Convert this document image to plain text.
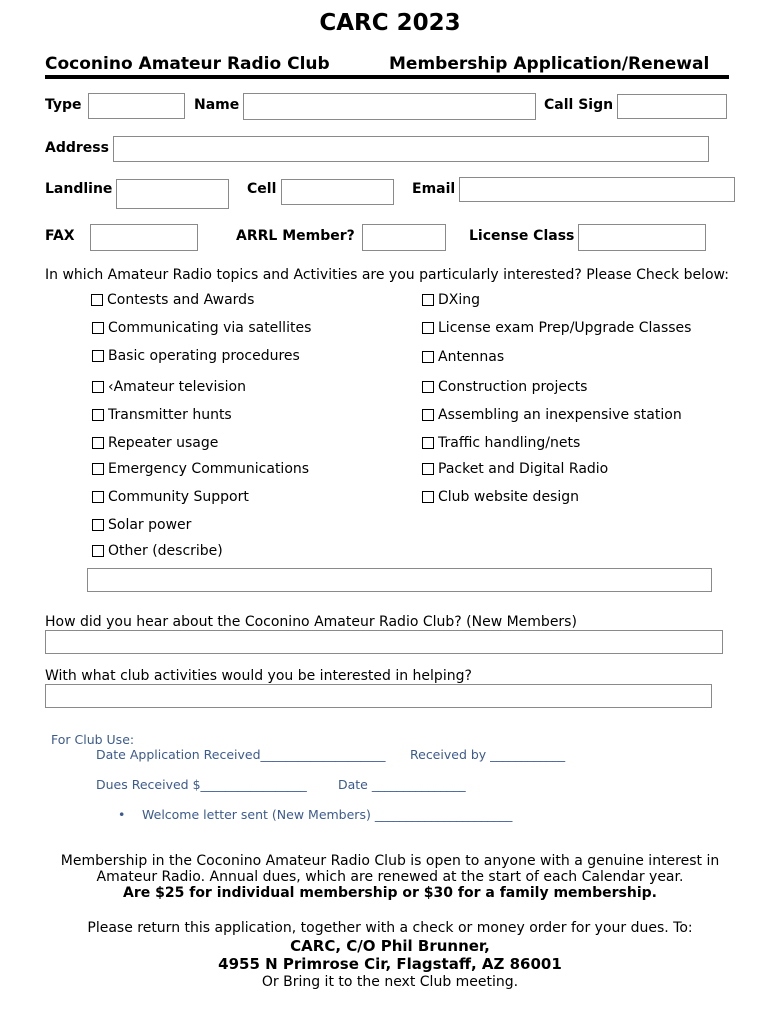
CARC 2023
Coconino Amateur Radio Club	Membership Application/Renewal
Type	Name	Call Sign
Address
Landline	Cell	Email
FAX	ARRL Member?	License Class
In which Amateur Radio topics and Activities are you particularly interested? Please Check below:
Contests and Awards
Communicating via satellites
Basic operating procedures
‹Amateur television
Transmitter hunts
Repeater usage
Emergency Communications
Community Support
Solar power
Other (describe)
DXing
License exam Prep/Upgrade Classes
Antennas
Construction projects
Assembling an inexpensive station
Traffic handling/nets
Packet and Digital Radio
Club website design
How did you hear about the Coconino Amateur Radio Club? (New Members)
With what club activities would you be interested in helping?
For Club Use:
Date Application Received____________________ Received by ____________
Dues Received $_________________ Date _______________
• Welcome letter sent (New Members) ______________________
Membership in the Coconino Amateur Radio Club is open to anyone with a genuine interest in
Amateur Radio. Annual dues, which are renewed at the start of each Calendar year.
Are $25 for individual membership or $30 for a family membership.
Please return this application, together with a check or money order for your dues. To:
CARC, C/O Phil Brunner,
4955 N Primrose Cir, Flagstaff, AZ 86001
Or Bring it to the next Club meeting.
